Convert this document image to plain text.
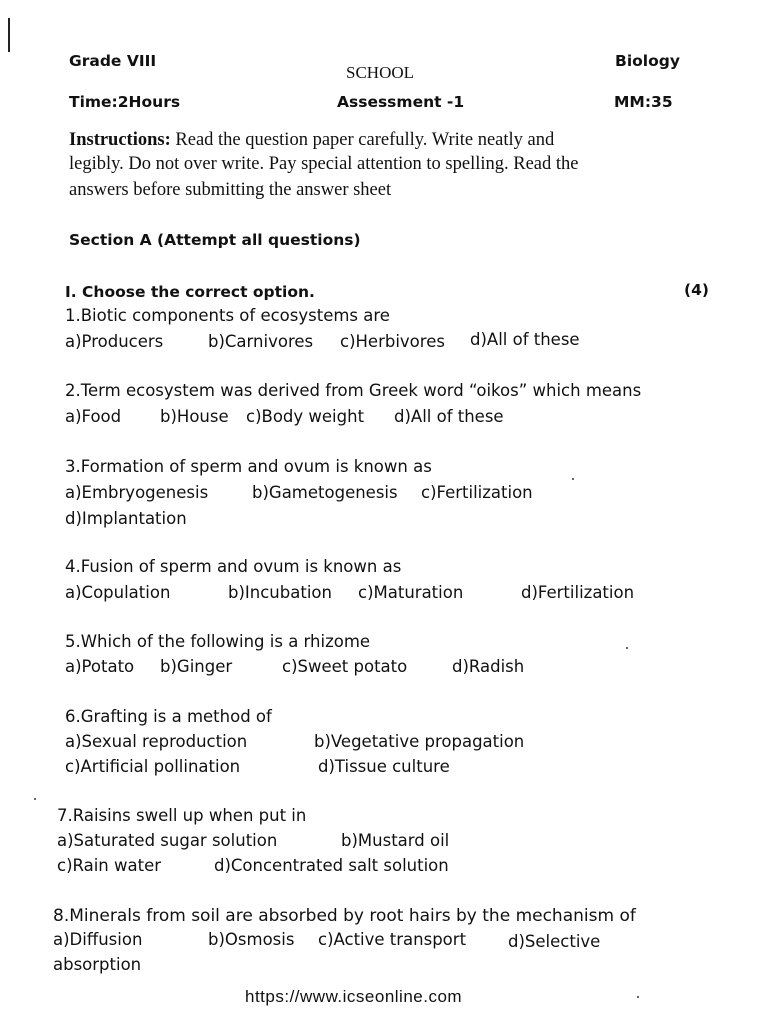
Grade VIII
SCHOOL
Biology
Time:2Hours	Assessment -1	MM:35
Instructions: Read the question paper carefully. Write neatly and
legibly. Do not over write. Pay special attention to spelling. Read the
answers before submitting the answer sheet
Section A (Attempt all questions)
I. Choose the correct option.	(4)
1.Biotic components of ecosystems are
a)Producers	b)Carnivores c)Herbivores d)All of these
2.Term ecosystem was derived from Greek word “oikos” which means
a)Food b)House c)Body weight d)All of these
3.Formation of sperm and ovum is known as
a)Embryogenesis	b)Gametogenesis c)Fertilization
d)Implantation
4.Fusion of sperm and ovum is known as
a)Copulation	b)Incubation c)Maturation	d)Fertilization
5.Which of the following is a rhizome
a)Potato b)Ginger	c)Sweet potato	d)Radish
6.Grafting is a method of
a)Sexual reproduction	b)Vegetative propagation
c)Artificial pollination	d)Tissue culture
7.Raisins swell up when put in
a)Saturated sugar solution	b)Mustard oil
c)Rain water	d)Concentrated salt solution
8.Minerals from soil are absorbed by root hairs by the mechanism of
a)Diffusion	b)Osmosis c)Active transport	d)Selective
absorption
https://www.icseonline.com
